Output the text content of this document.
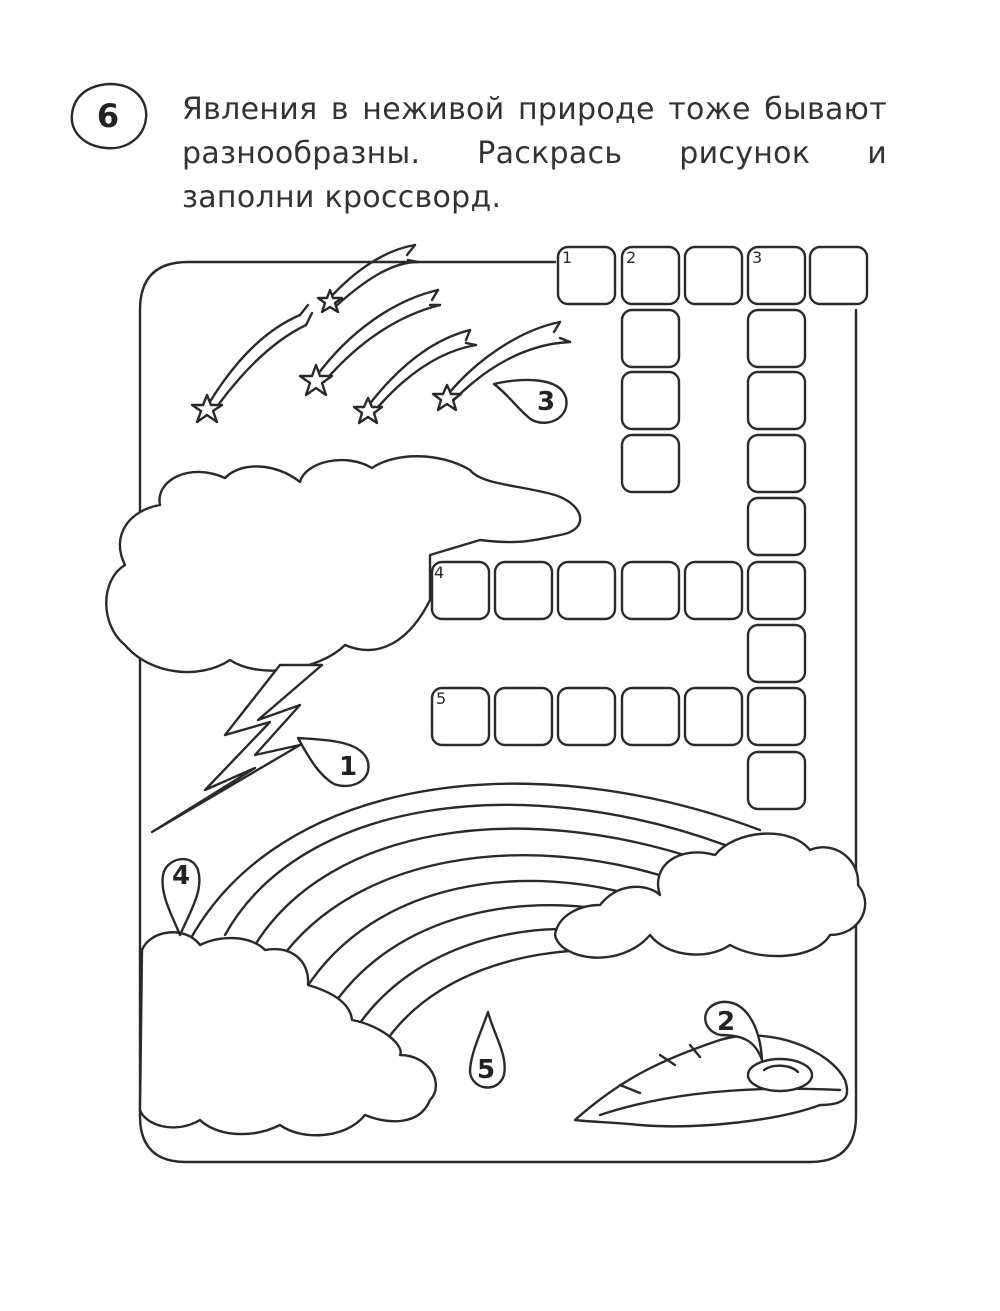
6	Явления в неживой природе тоже бывают разнообразны. Раскрась рисунок и заполни кроссворд.
3
1
4
5
2
1	2	3
4
5
